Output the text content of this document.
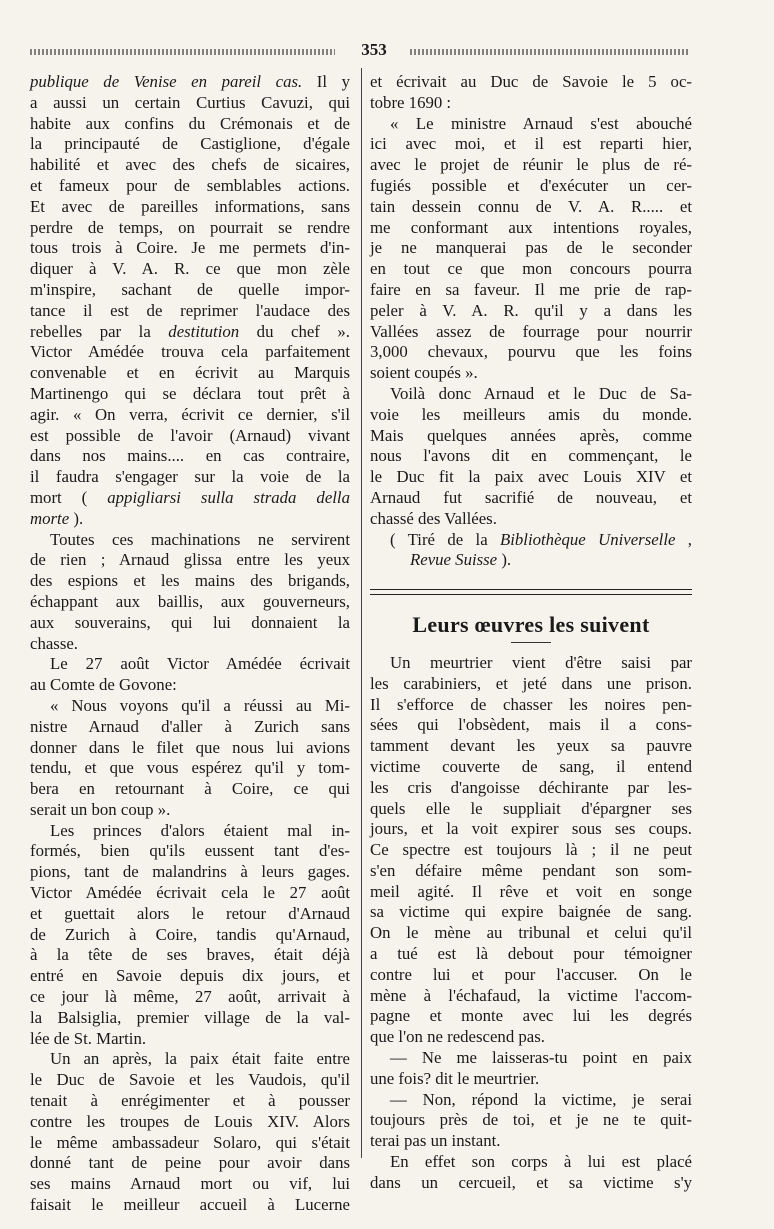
353

publique de Venise en pareil cas. Il y
a aussi un certain Curtius Cavuzi, qui
habite aux confins du Crémonais et de
la principauté de Castiglione, d'égale
habilité et avec des chefs de sicaires,
et fameux pour de semblables actions.
Et avec de pareilles informations, sans
perdre de temps, on pourrait se rendre
tous trois à Coire. Je me permets d'in-
diquer à V. A. R. ce que mon zèle
m'inspire, sachant de quelle impor-
tance il est de reprimer l'audace des
rebelles par la destitution du chef ».
Victor Amédée trouva cela parfaitement
convenable et en écrivit au Marquis
Martinengo qui se déclara tout prêt à
agir. « On verra, écrivit ce dernier, s'il
est possible de l'avoir (Arnaud) vivant
dans nos mains.... en cas contraire,
il faudra s'engager sur la voie de la
mort ( appigliarsi sulla strada della
morte ).

Toutes ces machinations ne servirent
de rien ; Arnaud glissa entre les yeux
des espions et les mains des brigands,
échappant aux baillis, aux gouverneurs,
aux souverains, qui lui donnaient la
chasse.

Le 27 août Victor Amédée écrivait
au Comte de Govone:

« Nous voyons qu'il a réussi au Mi-
nistre Arnaud d'aller à Zurich sans
donner dans le filet que nous lui avions
tendu, et que vous espérez qu'il y tom-
bera en retournant à Coire, ce qui
serait un bon coup ».

Les princes d'alors étaient mal in-
formés, bien qu'ils eussent tant d'es-
pions, tant de malandrins à leurs gages.
Victor Amédée écrivait cela le 27 août
et guettait alors le retour d'Arnaud
de Zurich à Coire, tandis qu'Arnaud,
à la tête de ses braves, était déjà
entré en Savoie depuis dix jours, et
ce jour là même, 27 août, arrivait à
la Balsiglia, premier village de la val-
lée de St. Martin.

Un an après, la paix était faite entre
le Duc de Savoie et les Vaudois, qu'il
tenait à enrégimenter et à pousser
contre les troupes de Louis XIV. Alors
le même ambassadeur Solaro, qui s'était
donné tant de peine pour avoir dans
ses mains Arnaud mort ou vif, lui
faisait le meilleur accueil à Lucerne

et écrivait au Duc de Savoie le 5 oc-
tobre 1690 :

« Le ministre Arnaud s'est abouché
ici avec moi, et il est reparti hier,
avec le projet de réunir le plus de ré-
fugiés possible et d'exécuter un cer-
tain dessein connu de V. A. R..... et
me conformant aux intentions royales,
je ne manquerai pas de le seconder
en tout ce que mon concours pourra
faire en sa faveur. Il me prie de rap-
peler à V. A. R. qu'il y a dans les
Vallées assez de fourrage pour nourrir
3,000 chevaux, pourvu que les foins
soient coupés ».

Voilà donc Arnaud et le Duc de Sa-
voie les meilleurs amis du monde.
Mais quelques années après, comme
nous l'avons dit en commençant, le
le Duc fit la paix avec Louis XIV et
Arnaud fut sacrifié de nouveau, et
chassé des Vallées.

( Tiré de la Bibliothèque Universelle ,
Revue Suisse ).

Leurs œuvres les suivent

Un meurtrier vient d'être saisi par
les carabiniers, et jeté dans une prison.
Il s'efforce de chasser les noires pen-
sées qui l'obsèdent, mais il a cons-
tamment devant les yeux sa pauvre
victime couverte de sang, il entend
les cris d'angoisse déchirante par les-
quels elle le suppliait d'épargner ses
jours, et la voit expirer sous ses coups.
Ce spectre est toujours là ; il ne peut
s'en défaire même pendant son som-
meil agité. Il rêve et voit en songe
sa victime qui expire baignée de sang.
On le mène au tribunal et celui qu'il
a tué est là debout pour témoigner
contre lui et pour l'accuser. On le
mène à l'échafaud, la victime l'accom-
pagne et monte avec lui les degrés
que l'on ne redescend pas.

— Ne me laisseras-tu point en paix
une fois? dit le meurtrier.

— Non, répond la victime, je serai
toujours près de toi, et je ne te quit-
terai pas un instant.

En effet son corps à lui est placé
dans un cercueil, et sa victime s'y
